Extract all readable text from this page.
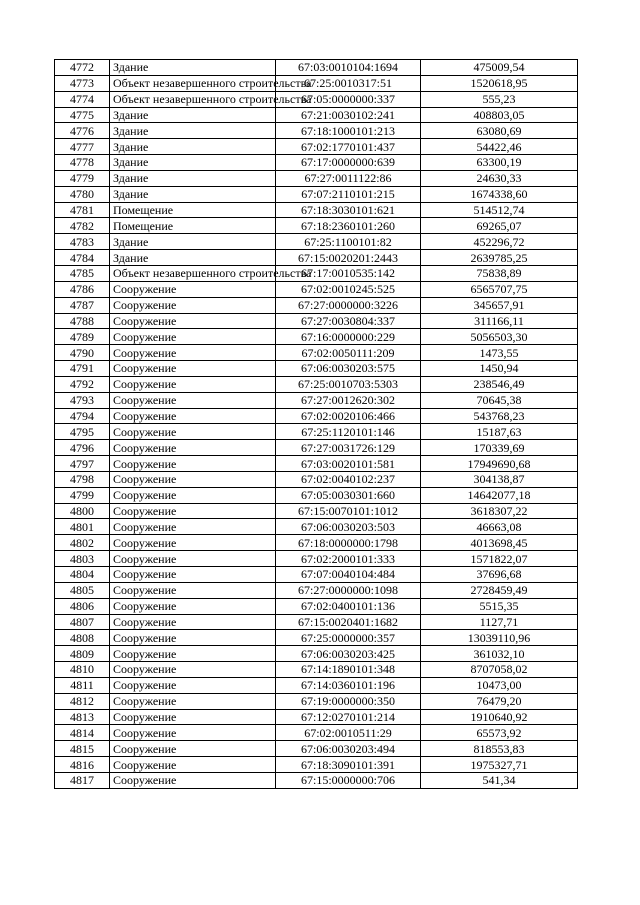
4772	Здание	67:03:0010104:1694	475009,54
4773	Объект незавершенного строительства	67:25:0010317:51	1520618,95
4774	Объект незавершенного строительства	67:05:0000000:337	555,23
4775	Здание	67:21:0030102:241	408803,05
4776	Здание	67:18:1000101:213	63080,69
4777	Здание	67:02:1770101:437	54422,46
4778	Здание	67:17:0000000:639	63300,19
4779	Здание	67:27:0011122:86	24630,33
4780	Здание	67:07:2110101:215	1674338,60
4781	Помещение	67:18:3030101:621	514512,74
4782	Помещение	67:18:2360101:260	69265,07
4783	Здание	67:25:1100101:82	452296,72
4784	Здание	67:15:0020201:2443	2639785,25
4785	Объект незавершенного строительства	67:17:0010535:142	75838,89
4786	Сооружение	67:02:0010245:525	6565707,75
4787	Сооружение	67:27:0000000:3226	345657,91
4788	Сооружение	67:27:0030804:337	311166,11
4789	Сооружение	67:16:0000000:229	5056503,30
4790	Сооружение	67:02:0050111:209	1473,55
4791	Сооружение	67:06:0030203:575	1450,94
4792	Сооружение	67:25:0010703:5303	238546,49
4793	Сооружение	67:27:0012620:302	70645,38
4794	Сооружение	67:02:0020106:466	543768,23
4795	Сооружение	67:25:1120101:146	15187,63
4796	Сооружение	67:27:0031726:129	170339,69
4797	Сооружение	67:03:0020101:581	17949690,68
4798	Сооружение	67:02:0040102:237	304138,87
4799	Сооружение	67:05:0030301:660	14642077,18
4800	Сооружение	67:15:0070101:1012	3618307,22
4801	Сооружение	67:06:0030203:503	46663,08
4802	Сооружение	67:18:0000000:1798	4013698,45
4803	Сооружение	67:02:2000101:333	1571822,07
4804	Сооружение	67:07:0040104:484	37696,68
4805	Сооружение	67:27:0000000:1098	2728459,49
4806	Сооружение	67:02:0400101:136	5515,35
4807	Сооружение	67:15:0020401:1682	1127,71
4808	Сооружение	67:25:0000000:357	13039110,96
4809	Сооружение	67:06:0030203:425	361032,10
4810	Сооружение	67:14:1890101:348	8707058,02
4811	Сооружение	67:14:0360101:196	10473,00
4812	Сооружение	67:19:0000000:350	76479,20
4813	Сооружение	67:12:0270101:214	1910640,92
4814	Сооружение	67:02:0010511:29	65573,92
4815	Сооружение	67:06:0030203:494	818553,83
4816	Сооружение	67:18:3090101:391	1975327,71
4817	Сооружение	67:15:0000000:706	541,34
